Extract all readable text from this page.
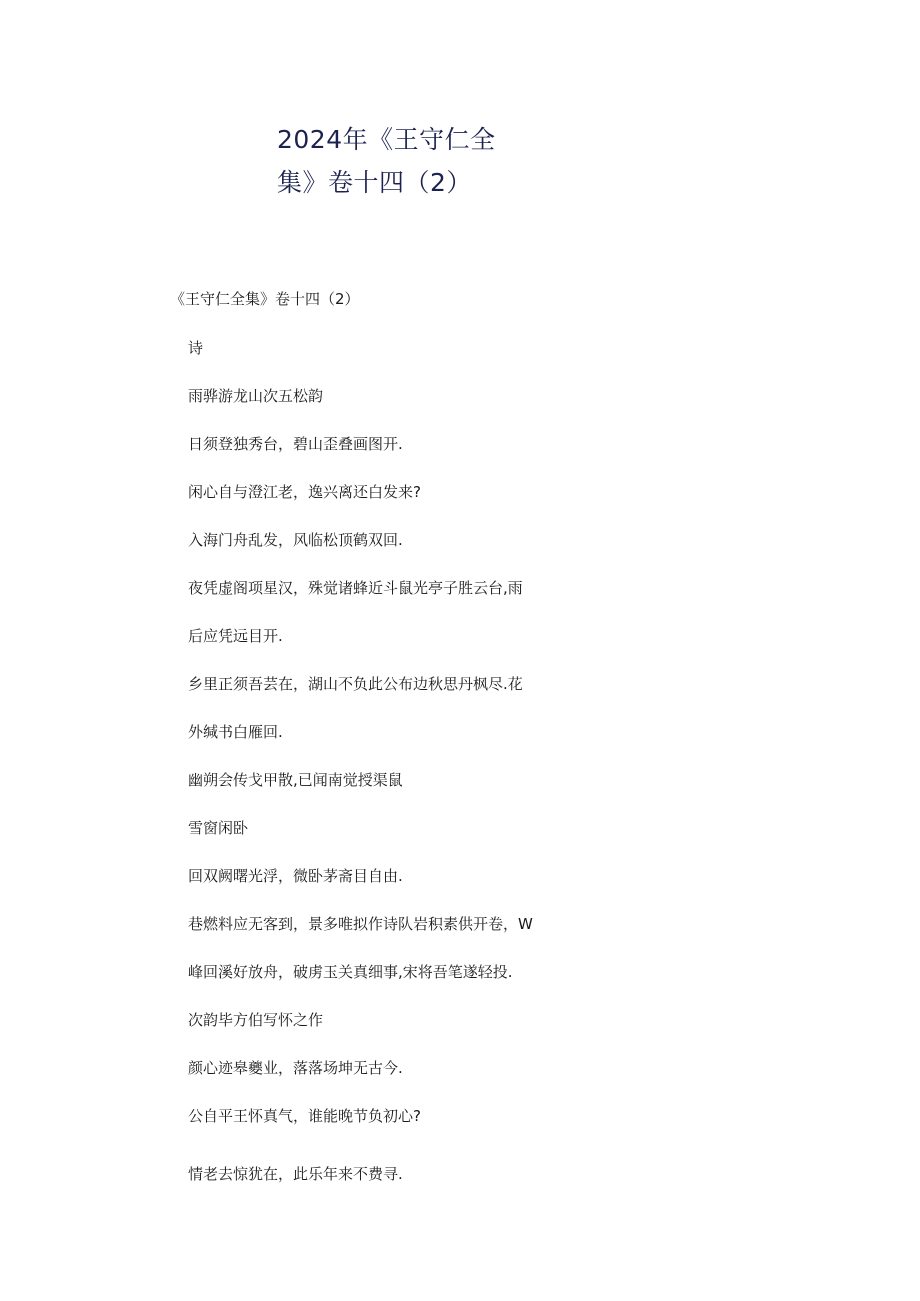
2024年《王守仁全
集》卷十四（2）

《王守仁全集》卷十四（2）

诗
雨骅游龙山次五松韵
日须登独秀台，碧山歪叠画图开.
闲心自与澄江老，逸兴离还白发来?
入海门舟乱发，风临松顶鹤双回.
夜凭虚阁项星汉，殊觉诸蜂近斗鼠光亭子胜云台,雨
后应凭远目开.
乡里正须吾芸在，湖山不负此公布边秋思丹枫尽.花
外缄书白雁回.
幽朔会传戈甲散,已闻南觉授渠鼠
雪窗闲卧
回双阙曙光浮，微卧茅斋目自由.
巷燃料应无客到，景多唯拟作诗队岩积素供开卷，W
峰回溪好放舟，破虏玉关真细事,宋将吾笔遂轻投.
次韵毕方伯写怀之作
颜心迹皋夔业，落落场坤无古今.
公自平王怀真气，谁能晚节负初心?
情老去惊犹在，此乐年来不费寻.
